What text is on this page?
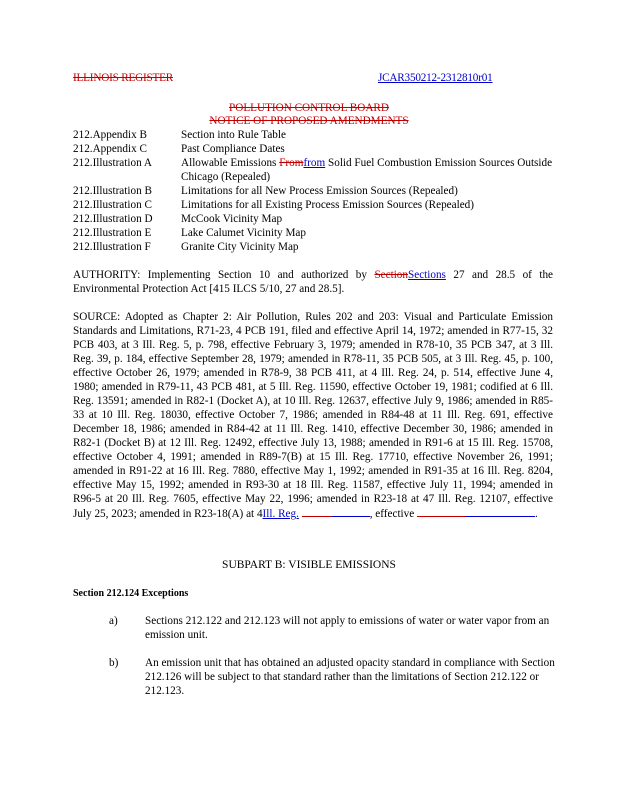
ILLINOIS REGISTER	JCAR350212-2312810r01
POLLUTION CONTROL BOARD
NOTICE OF PROPOSED AMENDMENTS
212.Appendix B	Section into Rule Table
212.Appendix C	Past Compliance Dates
212.Illustration A	Allowable Emissions Fromfrom Solid Fuel Combustion Emission Sources Outside Chicago (Repealed)
212.Illustration B	Limitations for all New Process Emission Sources (Repealed)
212.Illustration C	Limitations for all Existing Process Emission Sources (Repealed)
212.Illustration D	McCook Vicinity Map
212.Illustration E	Lake Calumet Vicinity Map
212.Illustration F	Granite City Vicinity Map
AUTHORITY: Implementing Section 10 and authorized by SectionSections 27 and 28.5 of the Environmental Protection Act [415 ILCS 5/10, 27 and 28.5].
SOURCE: Adopted as Chapter 2: Air Pollution, Rules 202 and 203: Visual and Particulate Emission Standards and Limitations, R71-23, 4 PCB 191, filed and effective April 14, 1972; amended in R77-15, 32 PCB 403, at 3 Ill. Reg. 5, p. 798, effective February 3, 1979; amended in R78-10, 35 PCB 347, at 3 Ill. Reg. 39, p. 184, effective September 28, 1979; amended in R78-11, 35 PCB 505, at 3 Ill. Reg. 45, p. 100, effective October 26, 1979; amended in R78-9, 38 PCB 411, at 4 Ill. Reg. 24, p. 514, effective June 4, 1980; amended in R79-11, 43 PCB 481, at 5 Ill. Reg. 11590, effective October 19, 1981; codified at 6 Ill. Reg. 13591; amended in R82-1 (Docket A), at 10 Ill. Reg. 12637, effective July 9, 1986; amended in R85-33 at 10 Ill. Reg. 18030, effective October 7, 1986; amended in R84-48 at 11 Ill. Reg. 691, effective December 18, 1986; amended in R84-42 at 11 Ill. Reg. 1410, effective December 30, 1986; amended in R82-1 (Docket B) at 12 Ill. Reg. 12492, effective July 13, 1988; amended in R91-6 at 15 Ill. Reg. 15708, effective October 4, 1991; amended in R89-7(B) at 15 Ill. Reg. 17710, effective November 26, 1991; amended in R91-22 at 16 Ill. Reg. 7880, effective May 1, 1992; amended in R91-35 at 16 Ill. Reg. 8204, effective May 15, 1992; amended in R93-30 at 18 Ill. Reg. 11587, effective July 11, 1994; amended in R96-5 at 20 Ill. Reg. 7605, effective May 22, 1996; amended in R23-18 at 47 Ill. Reg. 12107, effective July 25, 2023; amended in R23-18(A) at 4Ill. Reg.	, effective	.
SUBPART B: VISIBLE EMISSIONS
Section 212.124 Exceptions
a) Sections 212.122 and 212.123 will not apply to emissions of water or water vapor from an emission unit.
b) An emission unit that has obtained an adjusted opacity standard in compliance with Section 212.126 will be subject to that standard rather than the limitations of Section 212.122 or 212.123.
